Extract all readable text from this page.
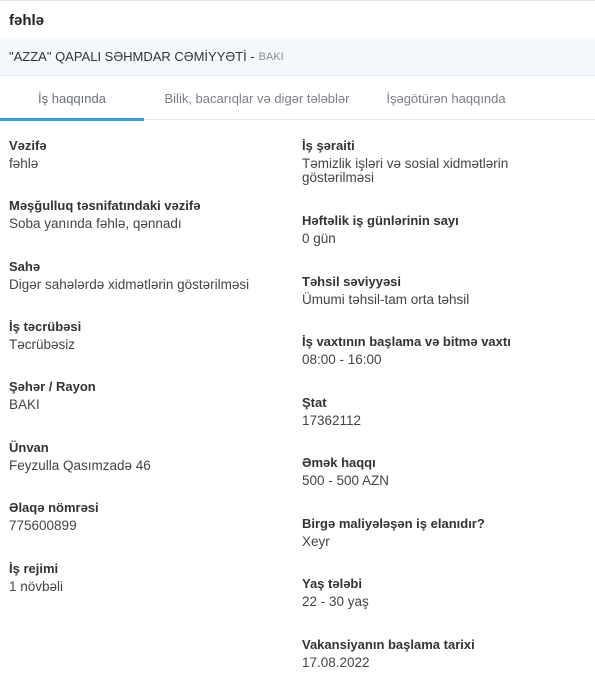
fəhlə
"AZZA" QAPALI SƏHMDAR CƏMİYYƏTİ - BAKI
İş haqqında	Bilik, bacarıqlar və digər tələblər	İşəgötürən haqqında
Vəzifə
fəhlə
Məşğulluq təsnifatındaki vəzifə
Soba yanında fəhlə, qənnadı
Sahə
Digər sahələrdə xidmətlərin göstərilməsi
İş təcrübəsi
Təcrübəsiz
Şəhər / Rayon
BAKI
Ünvan
Feyzulla Qasımzadə 46
Əlaqə nömrəsi
775600899
İş rejimi
1 növbəli
İş şəraiti
Təmizlik işləri və sosial xidmətlərin göstərilməsi
Həftəlik iş günlərinin sayı
0 gün
Təhsil səviyyəsi
Ümumi təhsil-tam orta təhsil
İş vaxtının başlama və bitmə vaxtı
08:00 - 16:00
Ştat
17362112
Əmək haqqı
500 - 500 AZN
Birgə maliyələşən iş elanıdır?
Xeyr
Yaş tələbi
22 - 30 yaş
Vakansiyanın başlama tarixi
17.08.2022
